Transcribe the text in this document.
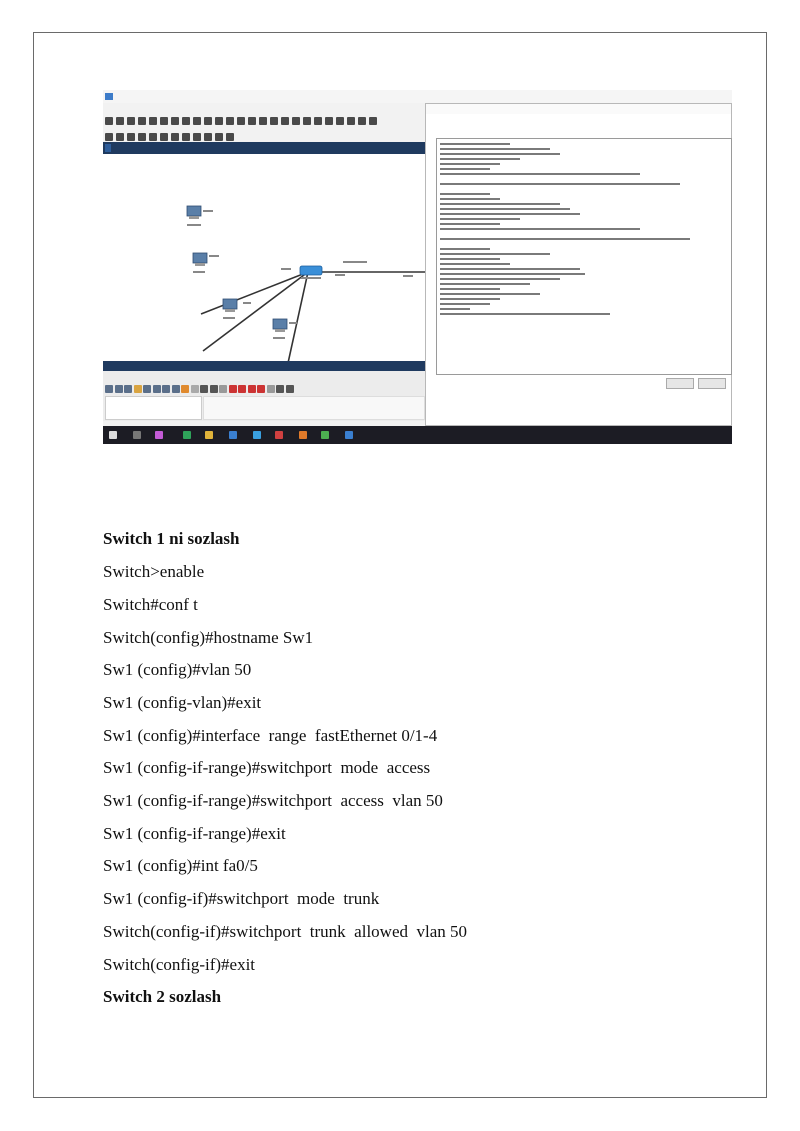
Switch 1 ni sozlash
Switch>enable
Switch#conf t
Switch(config)#hostname Sw1
Sw1 (config)#vlan 50
Sw1 (config-vlan)#exit
Sw1 (config)#interface  range  fastEthernet 0/1-4
Sw1 (config-if-range)#switchport  mode  access
Sw1 (config-if-range)#switchport  access  vlan 50
Sw1 (config-if-range)#exit
Sw1 (config)#int fa0/5
Sw1 (config-if)#switchport  mode  trunk
Switch(config-if)#switchport  trunk  allowed  vlan 50
Switch(config-if)#exit
Switch 2 sozlash
